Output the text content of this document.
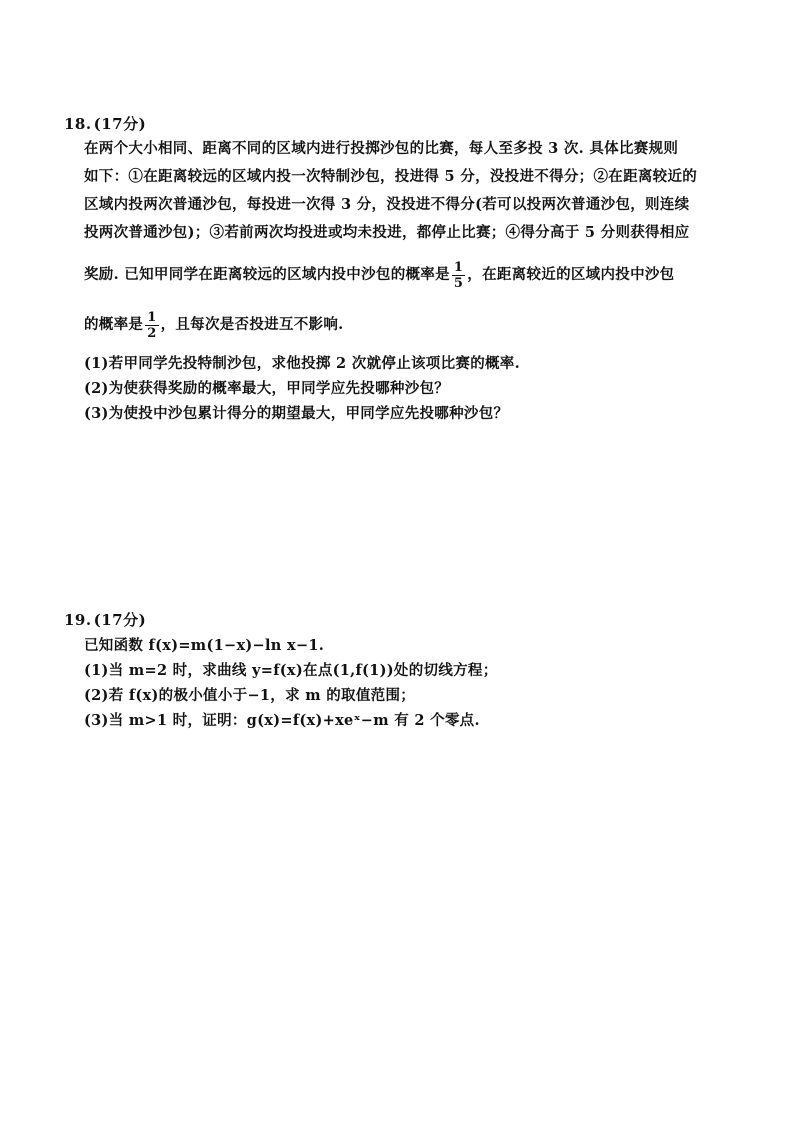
18. (17分)
在两个大小相同、距离不同的区域内进行投掷沙包的比赛，每人至多投 3 次. 具体比赛规则
如下：①在距离较远的区域内投一次特制沙包，投进得 5 分，没投进不得分；②在距离较近的
区域内投两次普通沙包，每投进一次得 3 分，没投进不得分(若可以投两次普通沙包，则连续
投两次普通沙包)；③若前两次均投进或均未投进，都停止比赛；④得分高于 5 分则获得相应
奖励. 已知甲同学在距离较远的区域内投中沙包的概率是 $\frac{1}{5}$ ，在距离较近的区域内投中沙包
的概率是 $\frac{1}{2}$ ，且每次是否投进互不影响.
(1)若甲同学先投特制沙包，求他投掷 2 次就停止该项比赛的概率.
(2)为使获得奖励的概率最大，甲同学应先投哪种沙包？
(3)为使投中沙包累计得分的期望最大，甲同学应先投哪种沙包？
19. (17分)
已知函数 f(x)=m(1−x)−ln x−1.
(1)当 m=2 时，求曲线 y=f(x)在点(1,f(1))处的切线方程；
(2)若 f(x)的极小值小于−1，求 m 的取值范围；
(3)当 m>1 时，证明：g(x)=f(x)+xeˣ−m 有 2 个零点.
